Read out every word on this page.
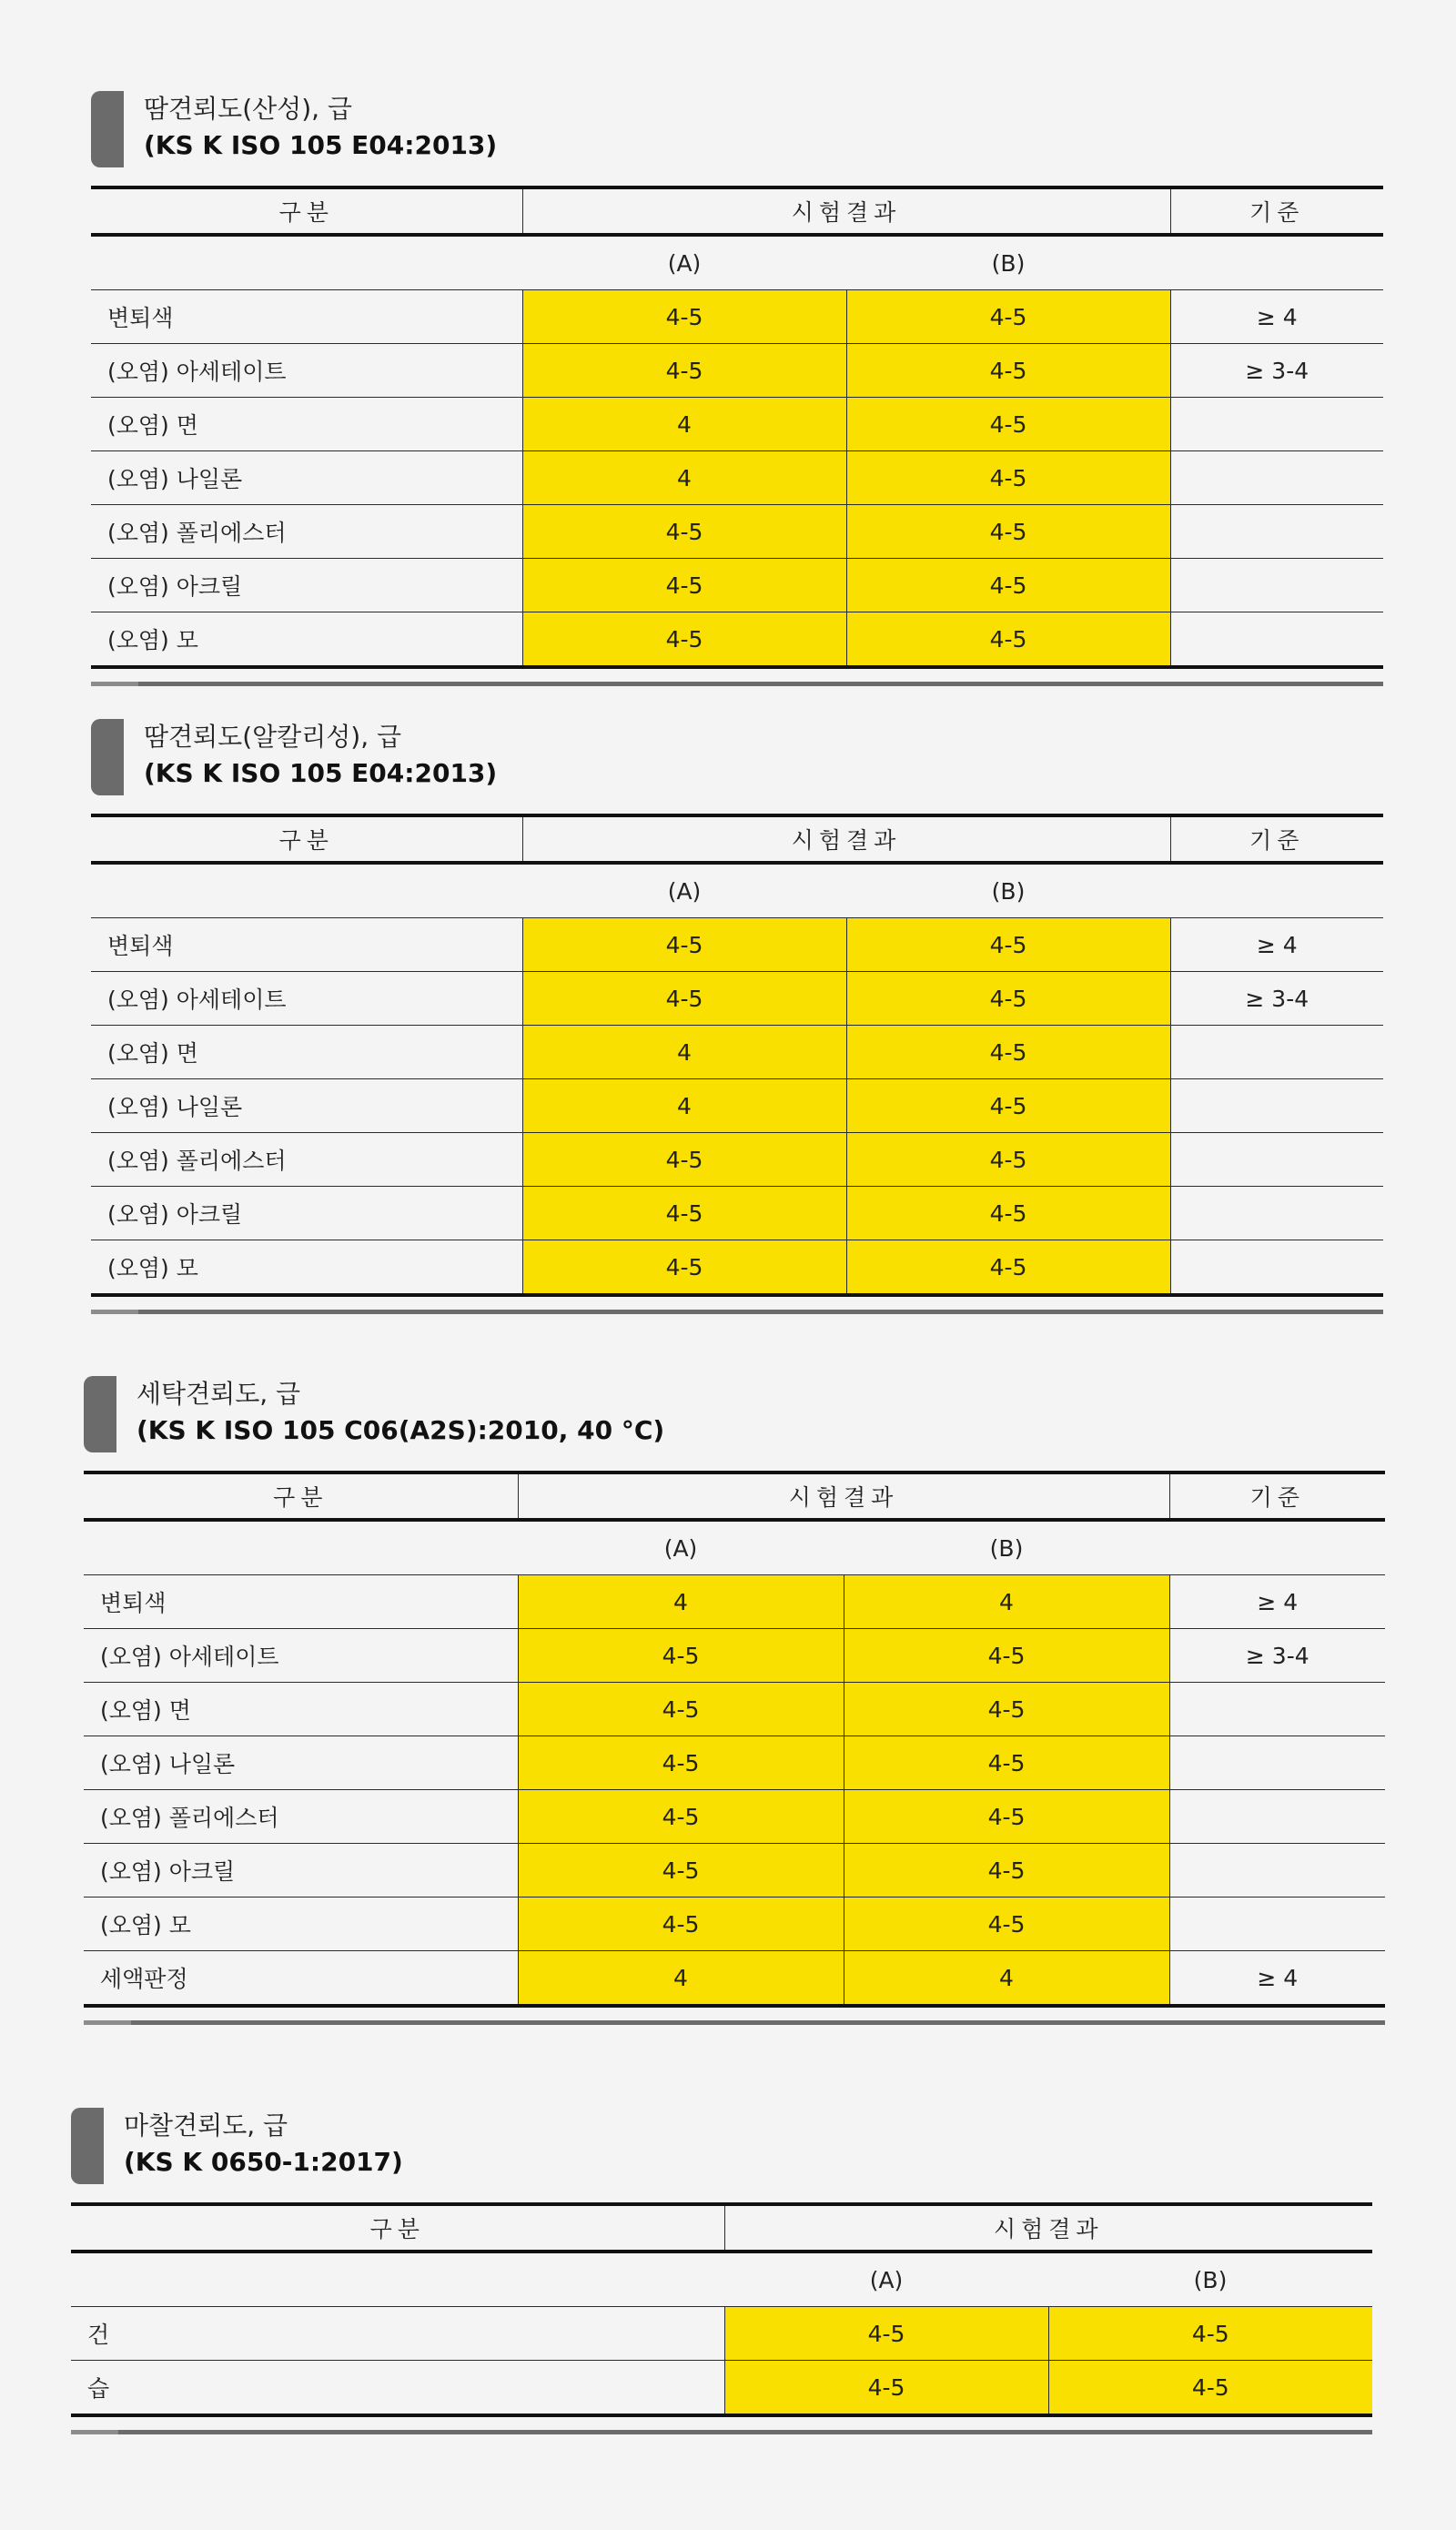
땀견뢰도(산성), 급
(KS K ISO 105 E04:2013)
구분	시험결과		기준
	(A)	(B)	
변퇴색	4-5	4-5	≥ 4
(오염) 아세테이트	4-5	4-5	≥ 3-4
(오염) 면	4	4-5	
(오염) 나일론	4	4-5	
(오염) 폴리에스터	4-5	4-5	
(오염) 아크릴	4-5	4-5	
(오염) 모	4-5	4-5	
땀견뢰도(알칼리성), 급
(KS K ISO 105 E04:2013)
구분	시험결과		기준
	(A)	(B)	
변퇴색	4-5	4-5	≥ 4
(오염) 아세테이트	4-5	4-5	≥ 3-4
(오염) 면	4	4-5	
(오염) 나일론	4	4-5	
(오염) 폴리에스터	4-5	4-5	
(오염) 아크릴	4-5	4-5	
(오염) 모	4-5	4-5	
세탁견뢰도, 급
(KS K ISO 105 C06(A2S):2010, 40 °C)
구분	시험결과		기준
	(A)	(B)	
변퇴색	4	4	≥ 4
(오염) 아세테이트	4-5	4-5	≥ 3-4
(오염) 면	4-5	4-5	
(오염) 나일론	4-5	4-5	
(오염) 폴리에스터	4-5	4-5	
(오염) 아크릴	4-5	4-5	
(오염) 모	4-5	4-5	
세액판정	4	4	≥ 4
마찰견뢰도, 급
(KS K 0650-1:2017)
구분	시험결과	
	(A)	(B)
건	4-5	4-5
습	4-5	4-5
